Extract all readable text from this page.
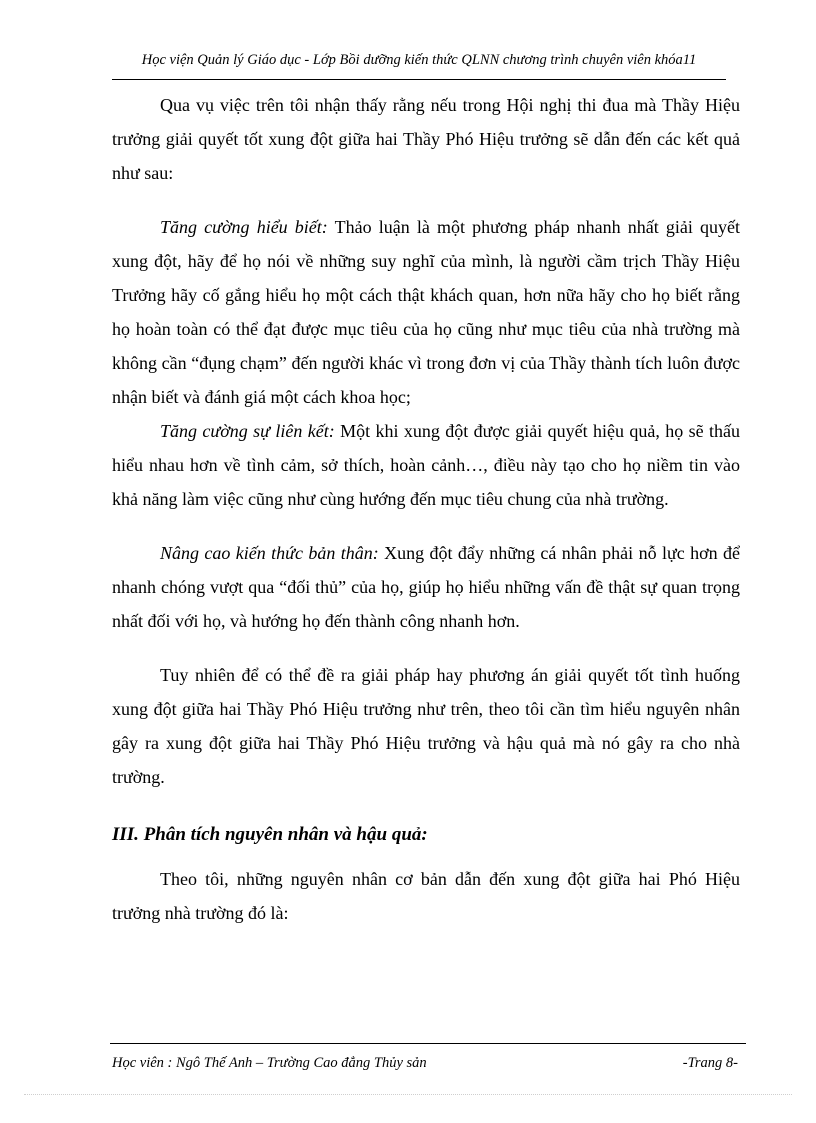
Học viện Quản lý Giáo dục - Lớp Bồi dưỡng kiến thức QLNN chương trình chuyên viên khóa11

Qua vụ việc trên tôi nhận thấy rằng nếu trong Hội nghị thi đua mà Thầy Hiệu trưởng giải quyết tốt xung đột giữa hai Thầy Phó Hiệu trưởng sẽ dẫn đến các kết quả như sau:

Tăng cường hiểu biết: Thảo luận là một phương pháp nhanh nhất giải quyết xung đột, hãy để họ nói về những suy nghĩ của mình, là người cầm trịch Thầy Hiệu Trưởng hãy cố gắng hiểu họ một cách thật khách quan, hơn nữa hãy cho họ biết rằng họ hoàn toàn có thể đạt được mục tiêu của họ cũng như mục tiêu của nhà trường mà không cần “đụng chạm” đến người khác vì trong đơn vị của Thầy thành tích luôn được nhận biết và đánh giá một cách khoa học;

Tăng cường sự liên kết: Một khi xung đột được giải quyết hiệu quả, họ sẽ thấu hiểu nhau hơn về tình cảm, sở thích, hoàn cảnh…, điều này tạo cho họ niềm tin vào khả năng làm việc cũng như cùng hướng đến mục tiêu chung của nhà trường.

Nâng cao kiến thức bản thân: Xung đột đẩy những cá nhân phải nỗ lực hơn để nhanh chóng vượt qua “đối thủ” của họ, giúp họ hiểu những vấn đề thật sự quan trọng nhất đối với họ, và hướng họ đến thành công nhanh hơn.

Tuy nhiên để có thể đề ra giải pháp hay phương án giải quyết tốt tình huống xung đột giữa hai Thầy Phó Hiệu trưởng như trên, theo tôi cần tìm hiểu nguyên nhân gây ra xung đột giữa hai Thầy Phó Hiệu trưởng và hậu quả mà nó gây ra cho nhà trường.

III. Phân tích nguyên nhân và hậu quả:

Theo tôi, những nguyên nhân cơ bản dẫn đến xung đột giữa hai Phó Hiệu trưởng nhà trường đó là:

Học viên : Ngô Thế Anh – Trường Cao đẳng Thủy sản	-Trang 8-
